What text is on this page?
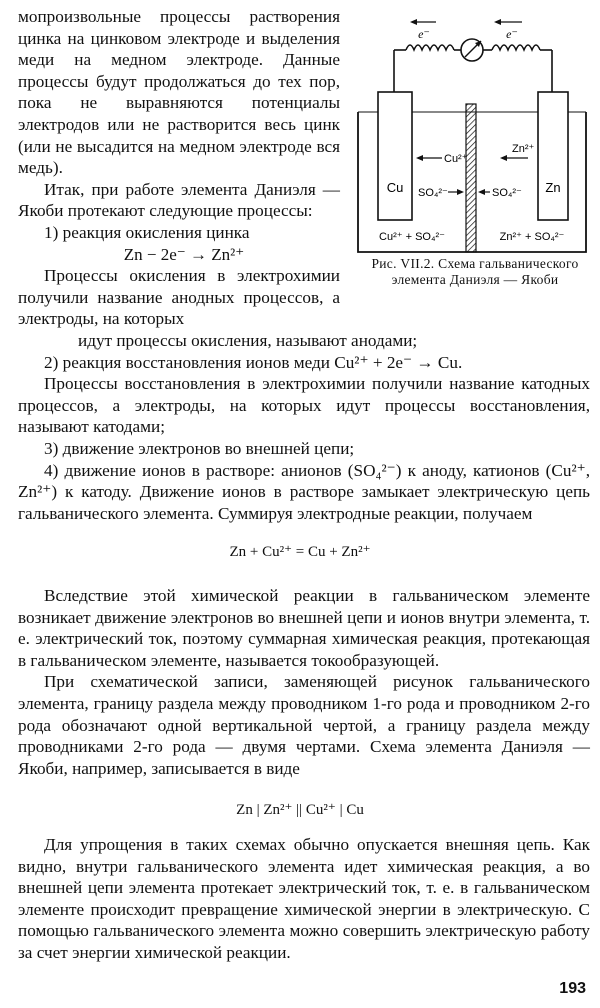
мопроизвольные процессы растворения цинка на цинковом электроде и выделения меди на медном электроде. Данные процессы будут продолжаться до тех пор, пока не выравняются потенциалы электродов или не растворится весь цинк (или не высадится на медном электроде вся медь).

Итак, при работе элемента Даниэля — Якоби протекают следующие процессы:

1) реакция окисления цинка

Zn − 2e⁻ → Zn²⁺

Процессы окисления в электрохимии получили название анодных процессов, а электроды, на которых

e⁻	e⁻
Cu	Zn
Cu²⁺
Zn²⁺
SO₄²⁻	SO₄²⁻
Cu²⁺ + SO₄²⁻	Zn²⁺ + SO₄²⁻
Рис. VII.2. Схема гальванического элемента Даниэля — Якоби

идут процессы окисления, называют анодами;

2) реакция восстановления ионов меди Cu²⁺ + 2e⁻ → Cu.

Процессы восстановления в электрохимии получили название катодных процессов, а электроды, на которых идут процессы восстановления, называют катодами;

3) движение электронов во внешней цепи;

4) движение ионов в растворе: анионов (SO₄²⁻) к аноду, катионов (Cu²⁺, Zn²⁺) к катоду. Движение ионов в растворе замыкает электрическую цепь гальванического элемента. Суммируя электродные реакции, получаем

Zn + Cu²⁺ = Cu + Zn²⁺

Вследствие этой химической реакции в гальваническом элементе возникает движение электронов во внешней цепи и ионов внутри элемента, т. е. электрический ток, поэтому суммарная химическая реакция, протекающая в гальваническом элементе, называется токообразующей.

При схематической записи, заменяющей рисунок гальванического элемента, границу раздела между проводником 1-го рода и проводником 2-го рода обозначают одной вертикальной чертой, а границу раздела между проводниками 2-го рода — двумя чертами. Схема элемента Даниэля — Якоби, например, записывается в виде

Zn | Zn²⁺ || Cu²⁺ | Cu

Для упрощения в таких схемах обычно опускается внешняя цепь. Как видно, внутри гальванического элемента идет химическая реакция, а во внешней цепи элемента протекает электрический ток, т. е. в гальваническом элементе происходит превращение химической энергии в электрическую. С помощью гальванического элемента можно совершить электрическую работу за счет энергии химической реакции.

193
